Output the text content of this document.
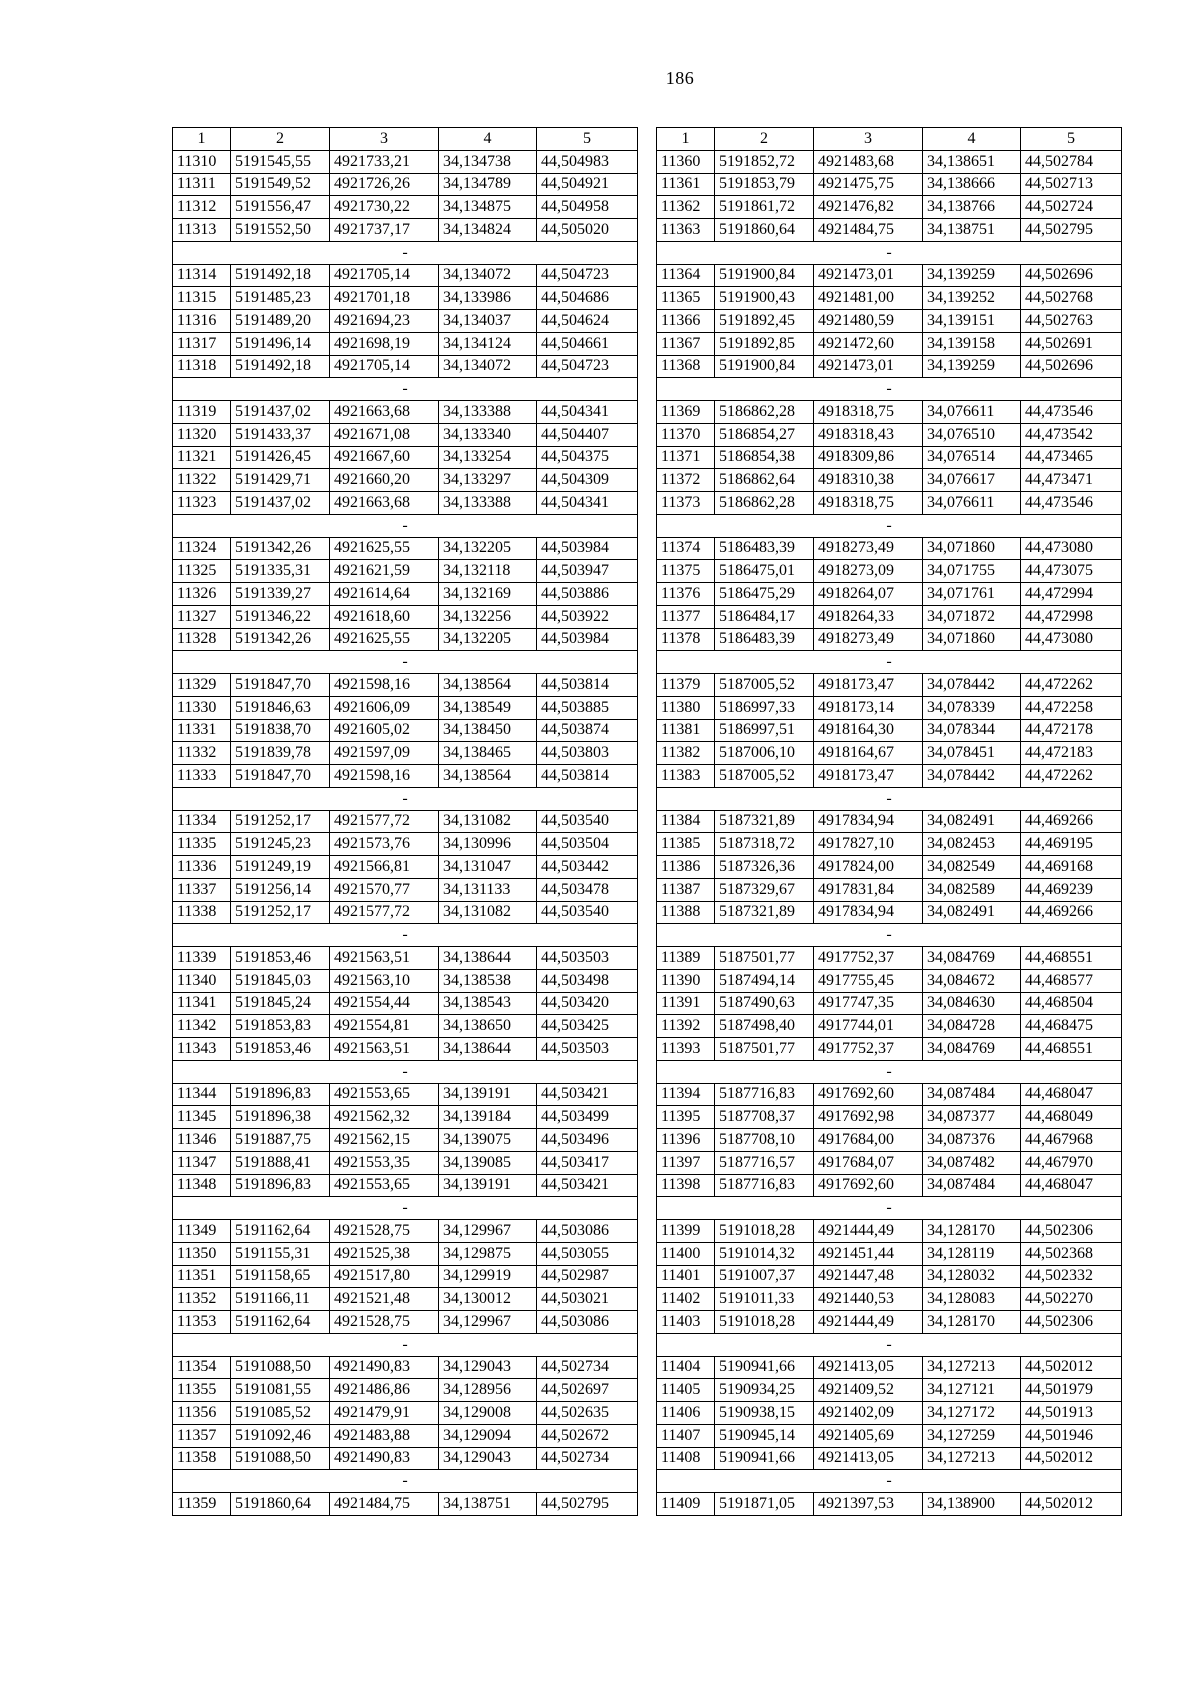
186
1	2	3	4	5
11310	5191545,55	4921733,21	34,134738	44,504983
11311	5191549,52	4921726,26	34,134789	44,504921
11312	5191556,47	4921730,22	34,134875	44,504958
11313	5191552,50	4921737,17	34,134824	44,505020
-				
11314	5191492,18	4921705,14	34,134072	44,504723
11315	5191485,23	4921701,18	34,133986	44,504686
11316	5191489,20	4921694,23	34,134037	44,504624
11317	5191496,14	4921698,19	34,134124	44,504661
11318	5191492,18	4921705,14	34,134072	44,504723
-				
11319	5191437,02	4921663,68	34,133388	44,504341
11320	5191433,37	4921671,08	34,133340	44,504407
11321	5191426,45	4921667,60	34,133254	44,504375
11322	5191429,71	4921660,20	34,133297	44,504309
11323	5191437,02	4921663,68	34,133388	44,504341
-				
11324	5191342,26	4921625,55	34,132205	44,503984
11325	5191335,31	4921621,59	34,132118	44,503947
11326	5191339,27	4921614,64	34,132169	44,503886
11327	5191346,22	4921618,60	34,132256	44,503922
11328	5191342,26	4921625,55	34,132205	44,503984
-				
11329	5191847,70	4921598,16	34,138564	44,503814
11330	5191846,63	4921606,09	34,138549	44,503885
11331	5191838,70	4921605,02	34,138450	44,503874
11332	5191839,78	4921597,09	34,138465	44,503803
11333	5191847,70	4921598,16	34,138564	44,503814
-				
11334	5191252,17	4921577,72	34,131082	44,503540
11335	5191245,23	4921573,76	34,130996	44,503504
11336	5191249,19	4921566,81	34,131047	44,503442
11337	5191256,14	4921570,77	34,131133	44,503478
11338	5191252,17	4921577,72	34,131082	44,503540
-				
11339	5191853,46	4921563,51	34,138644	44,503503
11340	5191845,03	4921563,10	34,138538	44,503498
11341	5191845,24	4921554,44	34,138543	44,503420
11342	5191853,83	4921554,81	34,138650	44,503425
11343	5191853,46	4921563,51	34,138644	44,503503
-				
11344	5191896,83	4921553,65	34,139191	44,503421
11345	5191896,38	4921562,32	34,139184	44,503499
11346	5191887,75	4921562,15	34,139075	44,503496
11347	5191888,41	4921553,35	34,139085	44,503417
11348	5191896,83	4921553,65	34,139191	44,503421
-				
11349	5191162,64	4921528,75	34,129967	44,503086
11350	5191155,31	4921525,38	34,129875	44,503055
11351	5191158,65	4921517,80	34,129919	44,502987
11352	5191166,11	4921521,48	34,130012	44,503021
11353	5191162,64	4921528,75	34,129967	44,503086
-				
11354	5191088,50	4921490,83	34,129043	44,502734
11355	5191081,55	4921486,86	34,128956	44,502697
11356	5191085,52	4921479,91	34,129008	44,502635
11357	5191092,46	4921483,88	34,129094	44,502672
11358	5191088,50	4921490,83	34,129043	44,502734
-				
11359	5191860,64	4921484,75	34,138751	44,502795
1	2	3	4	5
11360	5191852,72	4921483,68	34,138651	44,502784
11361	5191853,79	4921475,75	34,138666	44,502713
11362	5191861,72	4921476,82	34,138766	44,502724
11363	5191860,64	4921484,75	34,138751	44,502795
-				
11364	5191900,84	4921473,01	34,139259	44,502696
11365	5191900,43	4921481,00	34,139252	44,502768
11366	5191892,45	4921480,59	34,139151	44,502763
11367	5191892,85	4921472,60	34,139158	44,502691
11368	5191900,84	4921473,01	34,139259	44,502696
-				
11369	5186862,28	4918318,75	34,076611	44,473546
11370	5186854,27	4918318,43	34,076510	44,473542
11371	5186854,38	4918309,86	34,076514	44,473465
11372	5186862,64	4918310,38	34,076617	44,473471
11373	5186862,28	4918318,75	34,076611	44,473546
-				
11374	5186483,39	4918273,49	34,071860	44,473080
11375	5186475,01	4918273,09	34,071755	44,473075
11376	5186475,29	4918264,07	34,071761	44,472994
11377	5186484,17	4918264,33	34,071872	44,472998
11378	5186483,39	4918273,49	34,071860	44,473080
-				
11379	5187005,52	4918173,47	34,078442	44,472262
11380	5186997,33	4918173,14	34,078339	44,472258
11381	5186997,51	4918164,30	34,078344	44,472178
11382	5187006,10	4918164,67	34,078451	44,472183
11383	5187005,52	4918173,47	34,078442	44,472262
-				
11384	5187321,89	4917834,94	34,082491	44,469266
11385	5187318,72	4917827,10	34,082453	44,469195
11386	5187326,36	4917824,00	34,082549	44,469168
11387	5187329,67	4917831,84	34,082589	44,469239
11388	5187321,89	4917834,94	34,082491	44,469266
-				
11389	5187501,77	4917752,37	34,084769	44,468551
11390	5187494,14	4917755,45	34,084672	44,468577
11391	5187490,63	4917747,35	34,084630	44,468504
11392	5187498,40	4917744,01	34,084728	44,468475
11393	5187501,77	4917752,37	34,084769	44,468551
-				
11394	5187716,83	4917692,60	34,087484	44,468047
11395	5187708,37	4917692,98	34,087377	44,468049
11396	5187708,10	4917684,00	34,087376	44,467968
11397	5187716,57	4917684,07	34,087482	44,467970
11398	5187716,83	4917692,60	34,087484	44,468047
-				
11399	5191018,28	4921444,49	34,128170	44,502306
11400	5191014,32	4921451,44	34,128119	44,502368
11401	5191007,37	4921447,48	34,128032	44,502332
11402	5191011,33	4921440,53	34,128083	44,502270
11403	5191018,28	4921444,49	34,128170	44,502306
-				
11404	5190941,66	4921413,05	34,127213	44,502012
11405	5190934,25	4921409,52	34,127121	44,501979
11406	5190938,15	4921402,09	34,127172	44,501913
11407	5190945,14	4921405,69	34,127259	44,501946
11408	5190941,66	4921413,05	34,127213	44,502012
-				
11409	5191871,05	4921397,53	34,138900	44,502012
